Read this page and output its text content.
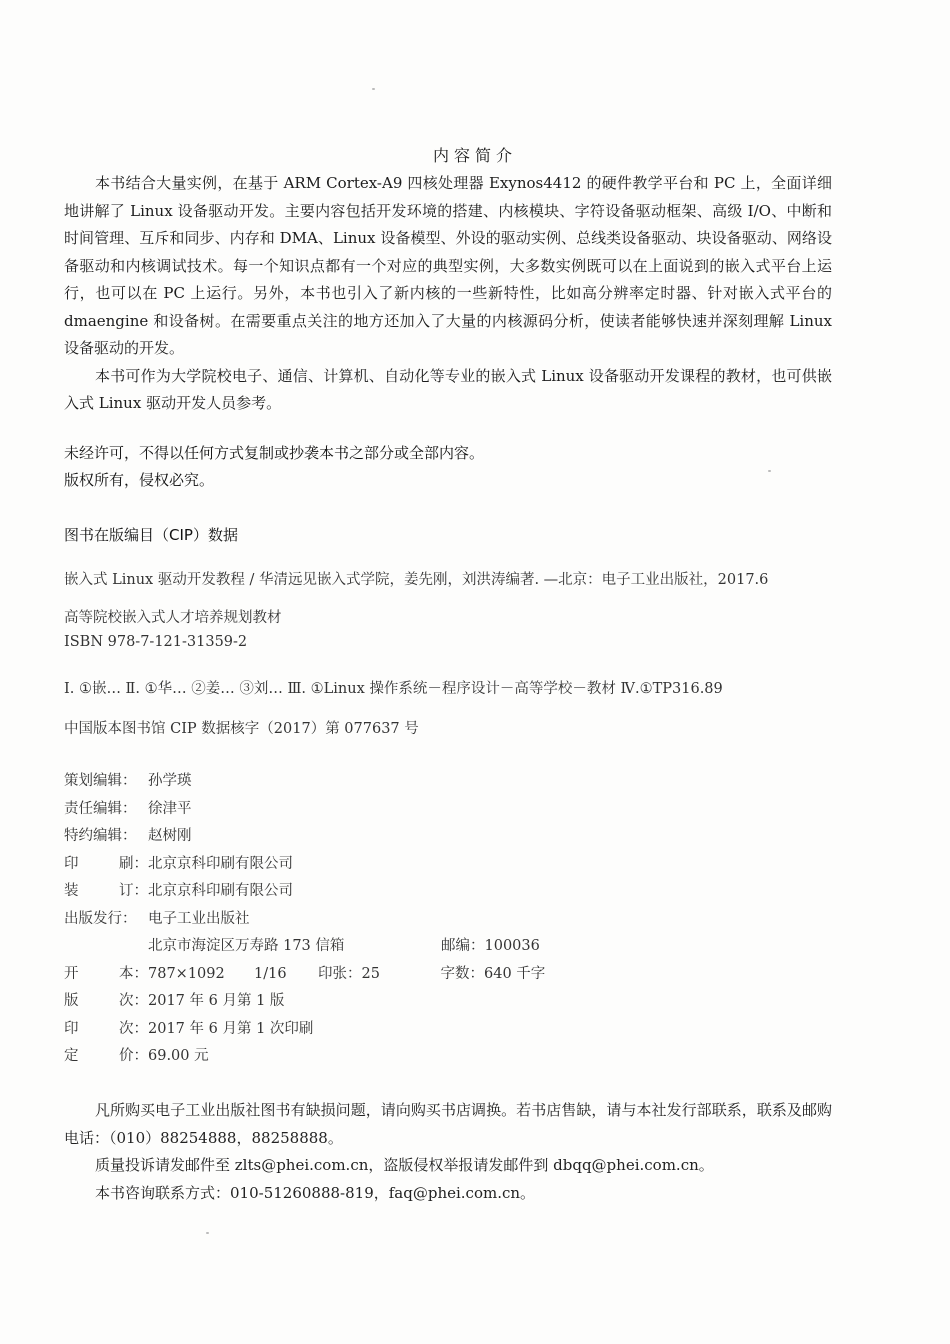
内容简介

本书结合大量实例，在基于 ARM Cortex-A9 四核处理器 Exynos4412 的硬件教学平台和 PC 上，全面详细地讲解了 Linux 设备驱动开发。主要内容包括开发环境的搭建、内核模块、字符设备驱动框架、高级 I/O、中断和时间管理、互斥和同步、内存和 DMA、Linux 设备模型、外设的驱动实例、总线类设备驱动、块设备驱动、网络设备驱动和内核调试技术。每一个知识点都有一个对应的典型实例，大多数实例既可以在上面说到的嵌入式平台上运行，也可以在 PC 上运行。另外，本书也引入了新内核的一些新特性，比如高分辨率定时器、针对嵌入式平台的 dmaengine 和设备树。在需要重点关注的地方还加入了大量的内核源码分析，使读者能够快速并深刻理解 Linux 设备驱动的开发。

本书可作为大学院校电子、通信、计算机、自动化等专业的嵌入式 Linux 设备驱动开发课程的教材，也可供嵌入式 Linux 驱动开发人员参考。

未经许可，不得以任何方式复制或抄袭本书之部分或全部内容。
版权所有，侵权必究。
图书在版编目（CIP）数据
嵌入式 Linux 驱动开发教程 / 华清远见嵌入式学院，姜先刚，刘洪涛编著. —北京：电子工业出版社，2017.6
高等院校嵌入式人才培养规划教材
ISBN 978-7-121-31359-2
Ⅰ. ①嵌… Ⅱ. ①华… ②姜… ③刘… Ⅲ. ①Linux 操作系统－程序设计－高等学校－教材 Ⅳ.①TP316.89
中国版本图书馆 CIP 数据核字（2017）第 077637 号
策划编辑： 孙学瑛
责任编辑： 徐津平
特约编辑： 赵树刚
印	刷： 北京京科印刷有限公司
装	订： 北京京科印刷有限公司
出版发行： 电子工业出版社
北京市海淀区万寿路 173 信箱	邮编： 100036
开	本： 787×1092	1/16	印张： 25	字数： 640 千字
版	次： 2017 年 6 月第 1 版
印	次： 2017 年 6 月第 1 次印刷
定	价： 69.00 元

凡所购买电子工业出版社图书有缺损问题，请向购买书店调换。若书店售缺，请与本社发行部联系，联系及邮购电话：（010）88254888，88258888。

质量投诉请发邮件至 zlts@phei.com.cn，盗版侵权举报请发邮件到 dbqq@phei.com.cn。

本书咨询联系方式：010-51260888-819，faq@phei.com.cn。
